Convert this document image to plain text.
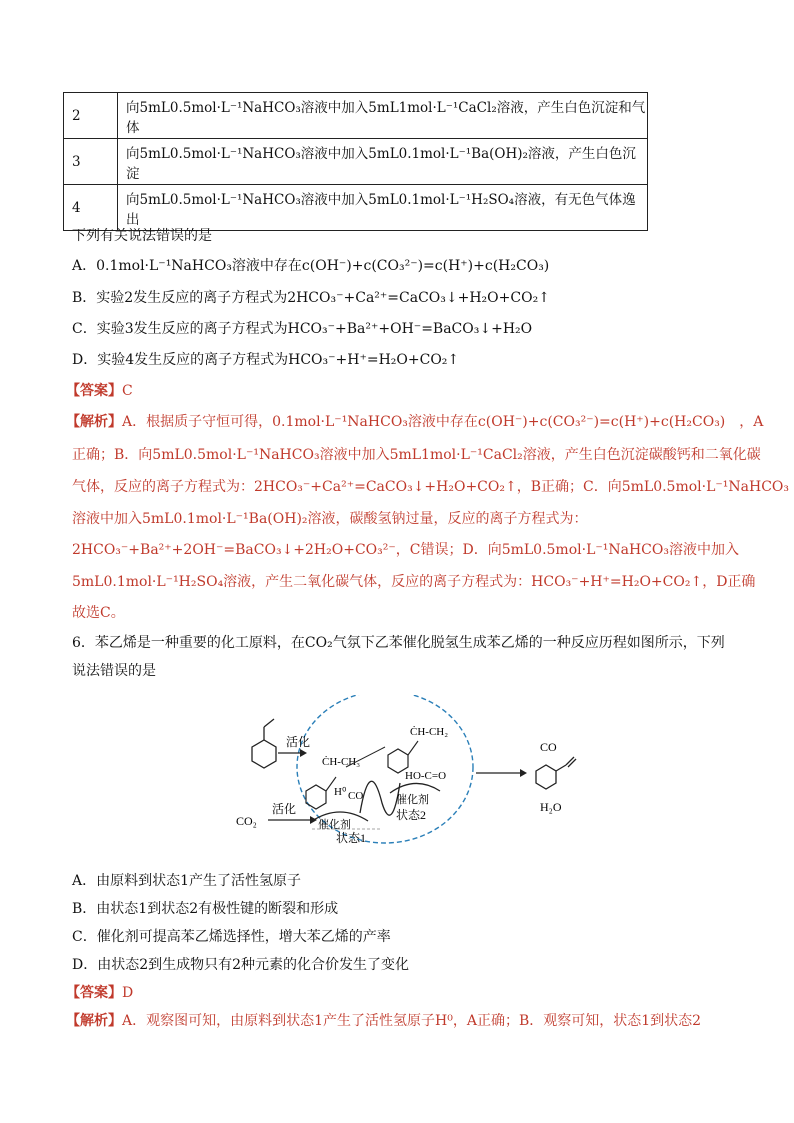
2	向5mL0.5mol·L⁻¹NaHCO₃溶液中加入5mL1mol·L⁻¹CaCl₂溶液，产生白色沉淀和气体
3	向5mL0.5mol·L⁻¹NaHCO₃溶液中加入5mL0.1mol·L⁻¹Ba(OH)₂溶液，产生白色沉淀
4	向5mL0.5mol·L⁻¹NaHCO₃溶液中加入5mL0.1mol·L⁻¹H₂SO₄溶液，有无色气体逸出
下列有关说法错误的是
A．0.1mol·L⁻¹NaHCO₃溶液中存在c(OH⁻)+c(CO₃²⁻)=c(H⁺)+c(H₂CO₃)
B．实验2发生反应的离子方程式为2HCO₃⁻+Ca²⁺=CaCO₃↓+H₂O+CO₂↑
C．实验3发生反应的离子方程式为HCO₃⁻+Ba²⁺+OH⁻=BaCO₃↓+H₂O
D．实验4发生反应的离子方程式为HCO₃⁻+H⁺=H₂O+CO₂↑
【答案】C
【解析】A．根据质子守恒可得，0.1mol·L⁻¹NaHCO₃溶液中存在c(OH⁻)+c(CO₃²⁻)=c(H⁺)+c(H₂CO₃)　，A
正确；B．向5mL0.5mol·L⁻¹NaHCO₃溶液中加入5mL1mol·L⁻¹CaCl₂溶液，产生白色沉淀碳酸钙和二氧化碳
气体，反应的离子方程式为：2HCO₃⁻+Ca²⁺=CaCO₃↓+H₂O+CO₂↑，B正确；C．向5mL0.5mol·L⁻¹NaHCO₃
溶液中加入5mL0.1mol·L⁻¹Ba(OH)₂溶液，碳酸氢钠过量，反应的离子方程式为：
2HCO₃⁻+Ba²⁺+2OH⁻=BaCO₃↓+2H₂O+CO₃²⁻，C错误；D．向5mL0.5mol·L⁻¹NaHCO₃溶液中加入
5mL0.1mol·L⁻¹H₂SO₄溶液，产生二氧化碳气体，反应的离子方程式为：HCO₃⁻+H⁺=H₂O+CO₂↑，D正确
故选C。
6．苯乙烯是一种重要的化工原料，在CO₂气氛下乙苯催化脱氢生成苯乙烯的一种反应历程如图所示，下列
说法错误的是
活化
CO₂
活化
ĊH-CH₃
H⁰ CO
催化剂
状态1
ĊH-CH₂
HO-C=O
催化剂
状态2
CO
H₂O
A．由原料到状态1产生了活性氢原子
B．由状态1到状态2有极性键的断裂和形成
C．催化剂可提高苯乙烯选择性，增大苯乙烯的产率
D．由状态2到生成物只有2种元素的化合价发生了变化
【答案】D
【解析】A．观察图可知，由原料到状态1产生了活性氢原子H⁰，A正确；B．观察可知，状态1到状态2
